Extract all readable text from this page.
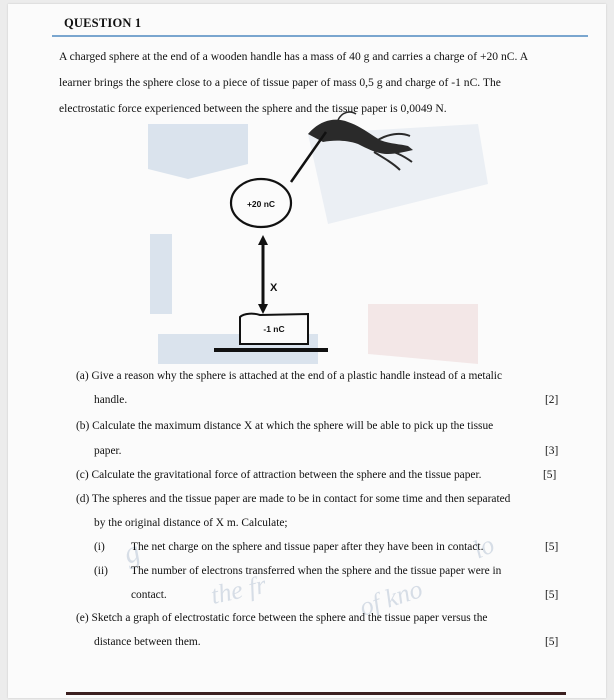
the fr	of kno
g	lo
QUESTION 1
A charged sphere at the end of a wooden handle has a mass of 40 g and carries a charge of +20 nC. A
learner brings the sphere close to a piece of tissue paper of mass 0,5 g and charge of -1 nC. The
electrostatic force experienced between the sphere and the tissue paper is 0,0049 N.
+20 nC
X
-1 nC
(a) Give a reason why the sphere is attached at the end of a plastic handle instead of a metalic
handle.	[2]
(b) Calculate the maximum distance X at which the sphere will be able to pick up the tissue
paper.	[3]
(c) Calculate the gravitational force of attraction between the sphere and the tissue paper.	[5]
(d) The spheres and the tissue paper are made to be in contact for some time and then separated
by the original distance of X m. Calculate;
(i) The net charge on the sphere and tissue paper after they have been in contact.	[5]
(ii) The number of electrons transferred when the sphere and the tissue paper were in
contact.	[5]
(e) Sketch a graph of electrostatic force between the sphere and the tissue paper versus the
distance between them.	[5]
